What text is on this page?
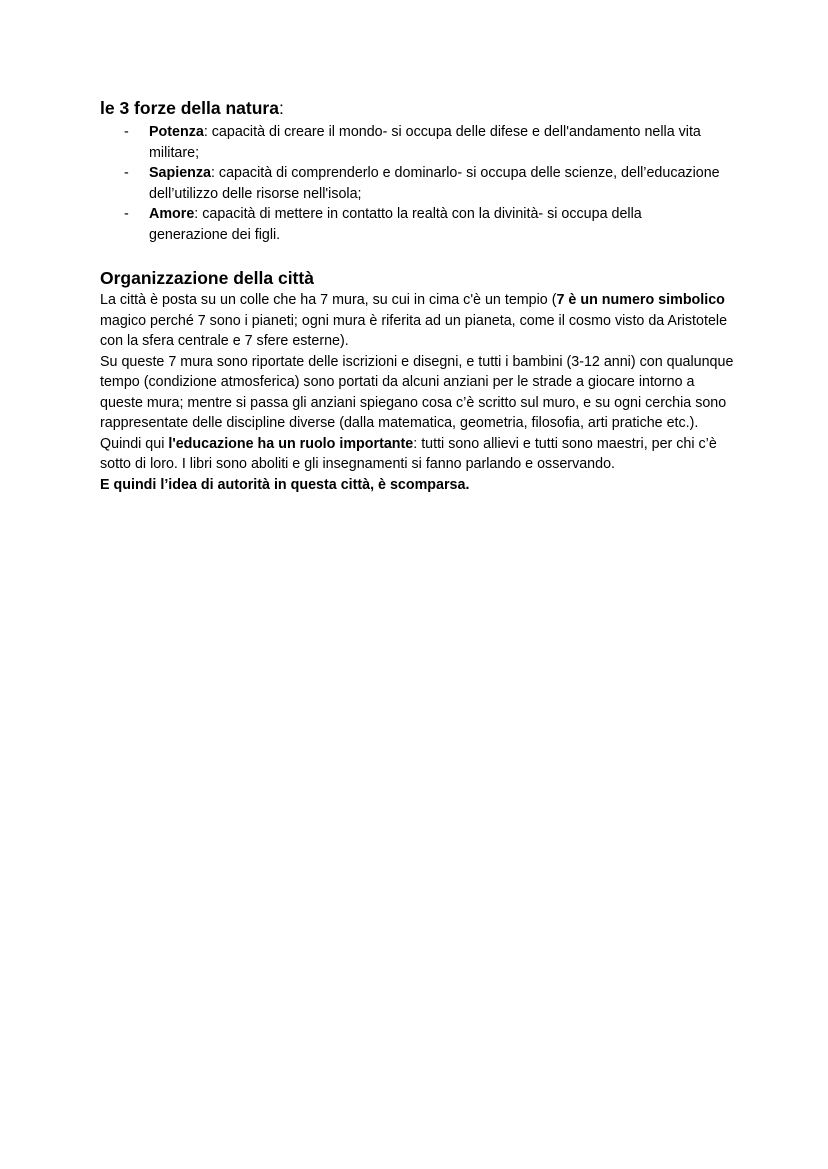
le 3 forze della natura:
- Potenza: capacità di creare il mondo- si occupa delle difese e dell'andamento nella vita militare;
- Sapienza: capacità di comprenderlo e dominarlo- si occupa delle scienze, dell’educazione dell’utilizzo delle risorse nell'isola;
- Amore: capacità di mettere in contatto la realtà con la divinità- si occupa della generazione dei figli.
Organizzazione della città

La città è posta su un colle che ha 7 mura, su cui in cima c'è un tempio (7 è un numero simbolico magico perché 7 sono i pianeti; ogni mura è riferita ad un pianeta, come il cosmo visto da Aristotele con la sfera centrale e 7 sfere esterne).

Su queste 7 mura sono riportate delle iscrizioni e disegni, e tutti i bambini (3-12 anni) con qualunque tempo (condizione atmosferica) sono portati da alcuni anziani per le strade a giocare intorno a queste mura; mentre si passa gli anziani spiegano cosa c’è scritto sul muro, e su ogni cerchia sono rappresentate delle discipline diverse (dalla matematica, geometria, filosofia, arti pratiche etc.).

Quindi qui l'educazione ha un ruolo importante: tutti sono allievi e tutti sono maestri, per chi c’è sotto di loro. I libri sono aboliti e gli insegnamenti si fanno parlando e osservando.

E quindi l’idea di autorità in questa città, è scomparsa.
